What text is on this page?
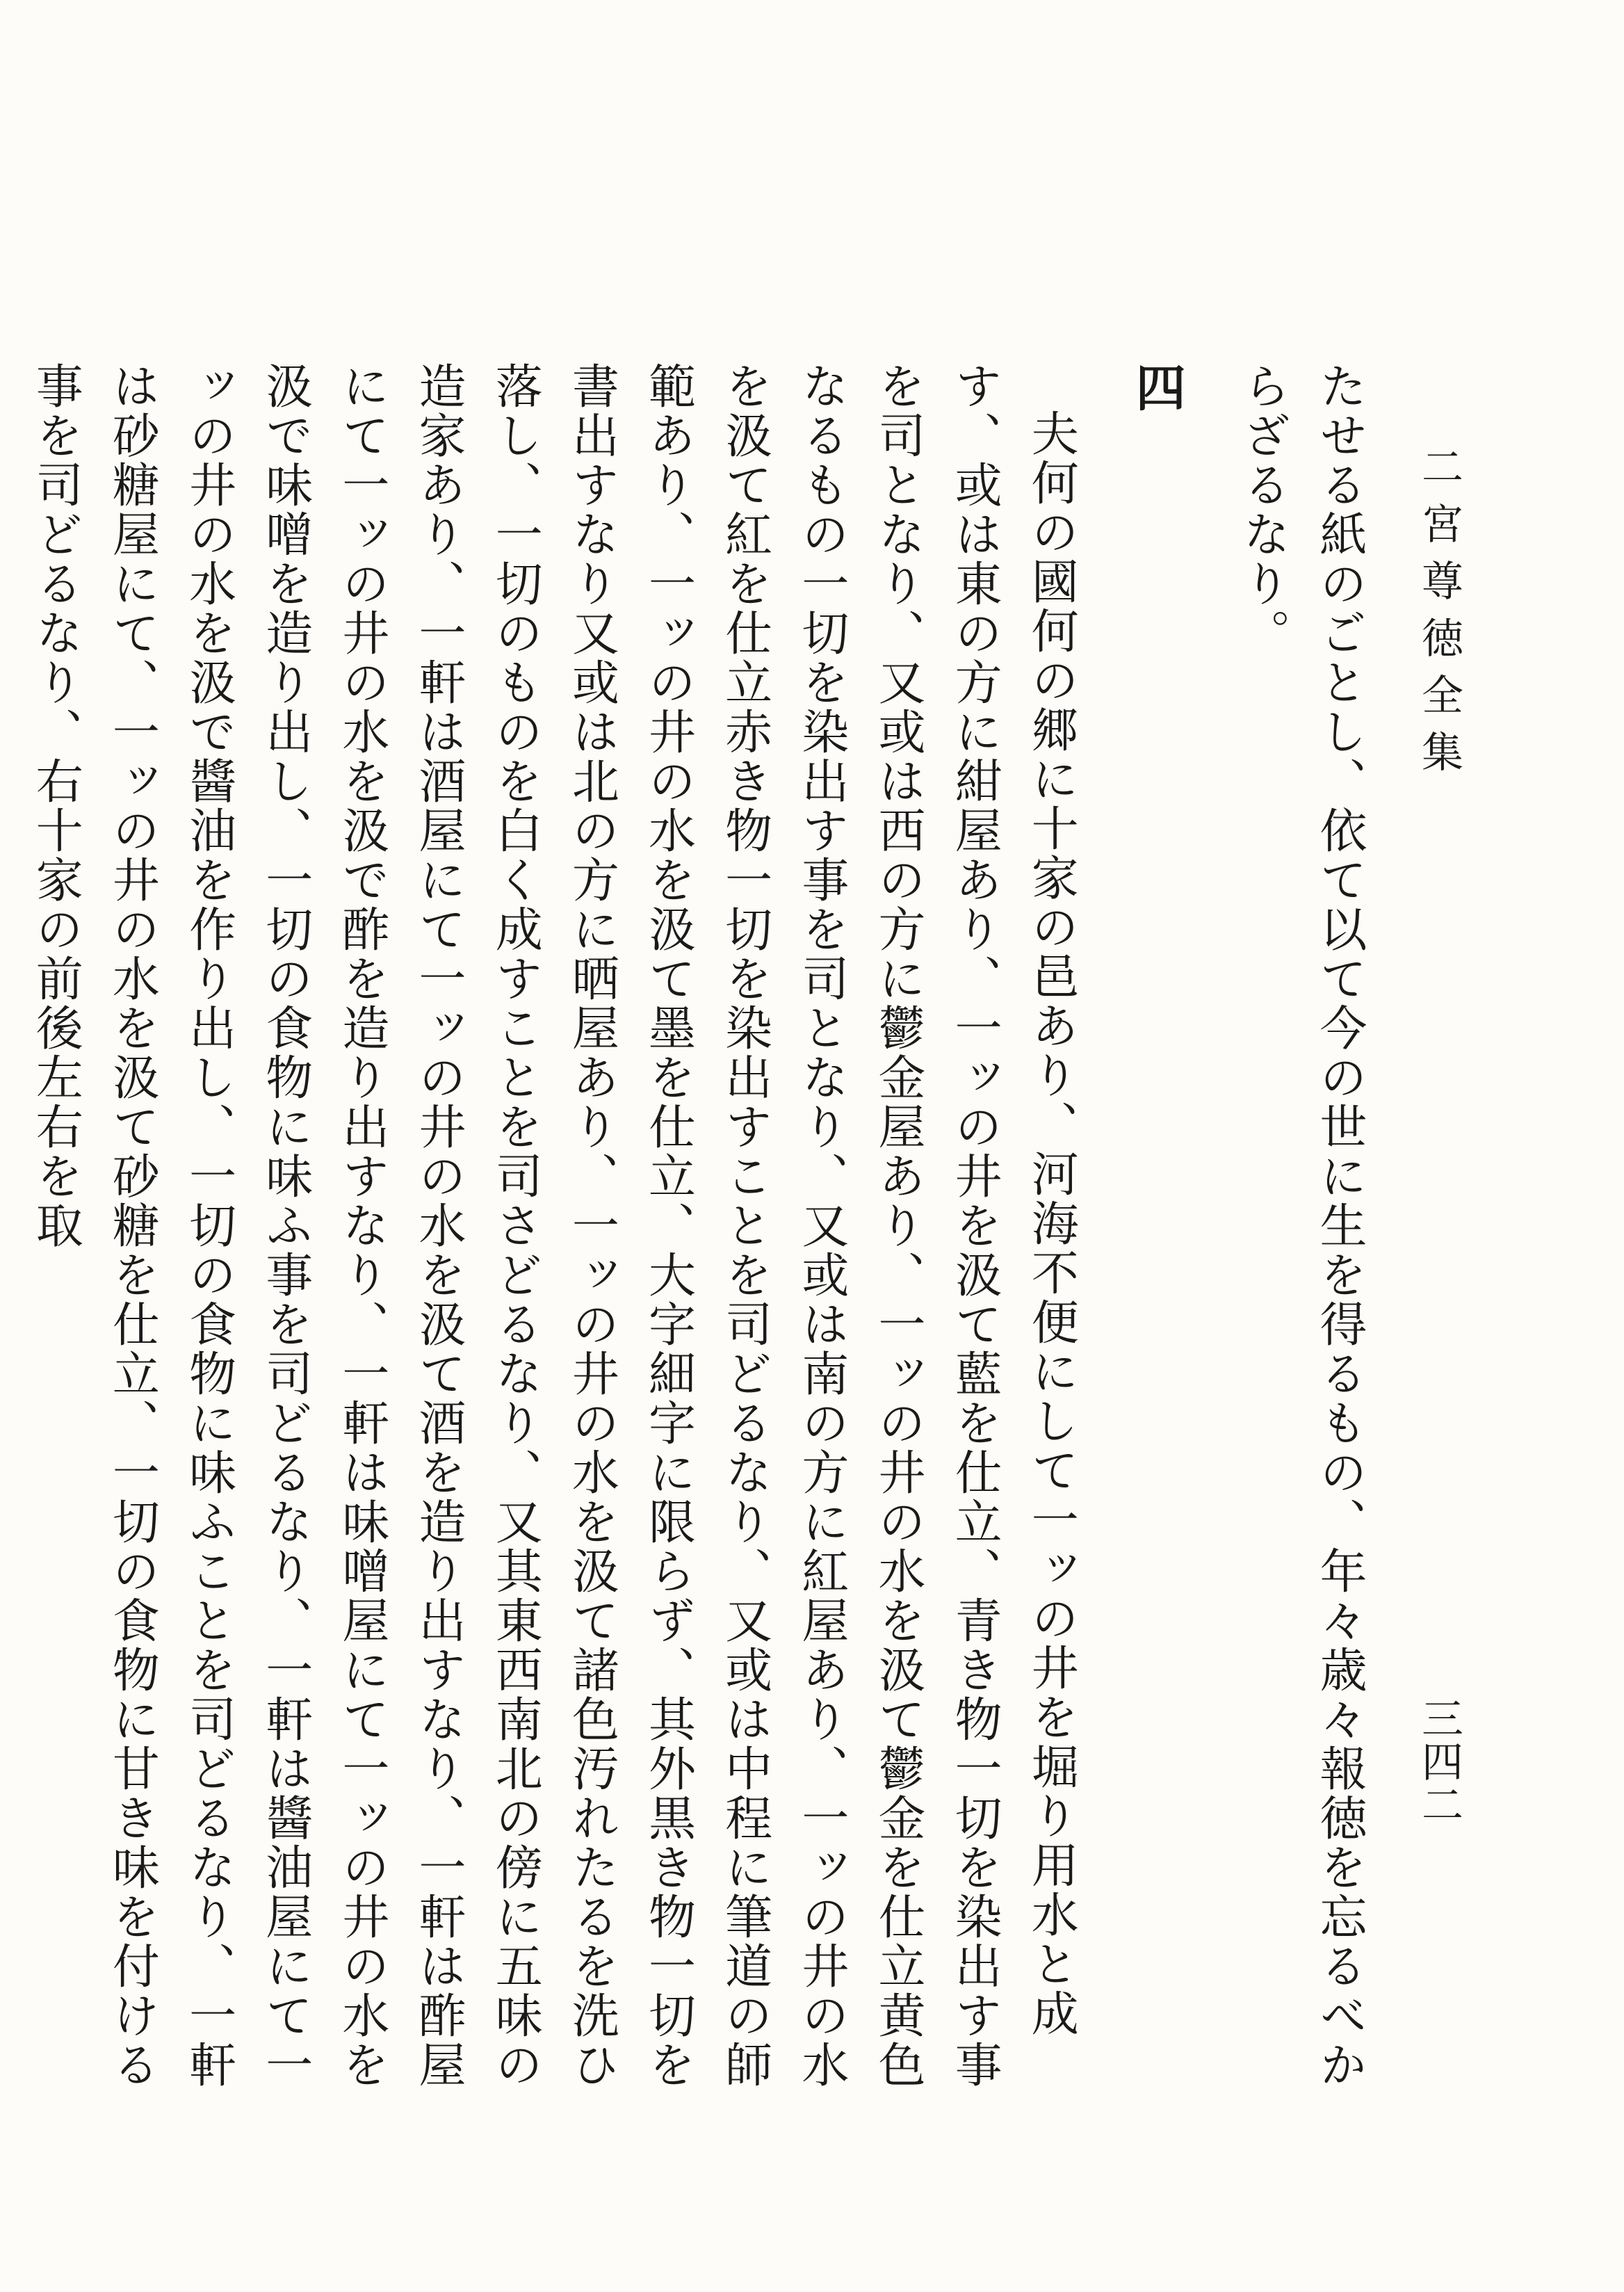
二宮尊徳全集
三四二

たせる紙のごとし、依て以て今の世に生を得るもの、年々歳々報徳を忘るべからざるなり。

四

夫何の國何の郷に十家の邑あり、河海不便にして一ッの井を堀り用水と成す、或は東の方に紺屋あり、一ッの井を汲て藍を仕立、青き物一切を染出す事を司となり、又或は西の方に鬱金屋あり、一ッの井の水を汲て鬱金を仕立黄色なるもの一切を染出す事を司となり、又或は南の方に紅屋あり、一ッの井の水を汲て紅を仕立赤き物一切を染出すことを司どるなり、又或は中程に筆道の師範あり、一ッの井の水を汲て墨を仕立、大字細字に限らず、其外黒き物一切を書出すなり又或は北の方に晒屋あり、一ッの井の水を汲て諸色汚れたるを洗ひ落し、一切のものを白く成すことを司さどるなり、又其東西南北の傍に五味の造家あり、一軒は酒屋にて一ッの井の水を汲て酒を造り出すなり、一軒は酢屋にて一ッの井の水を汲で酢を造り出すなり、一軒は味噌屋にて一ッの井の水を汲で味噌を造り出し、一切の食物に味ふ事を司どるなり、一軒は醬油屋にて一ッの井の水を汲で醬油を作り出し、一切の食物に味ふことを司どるなり、一軒は砂糖屋にて、一ッの井の水を汲て砂糖を仕立、一切の食物に甘き味を付ける事を司どるなり、右十家の前後左右を取
